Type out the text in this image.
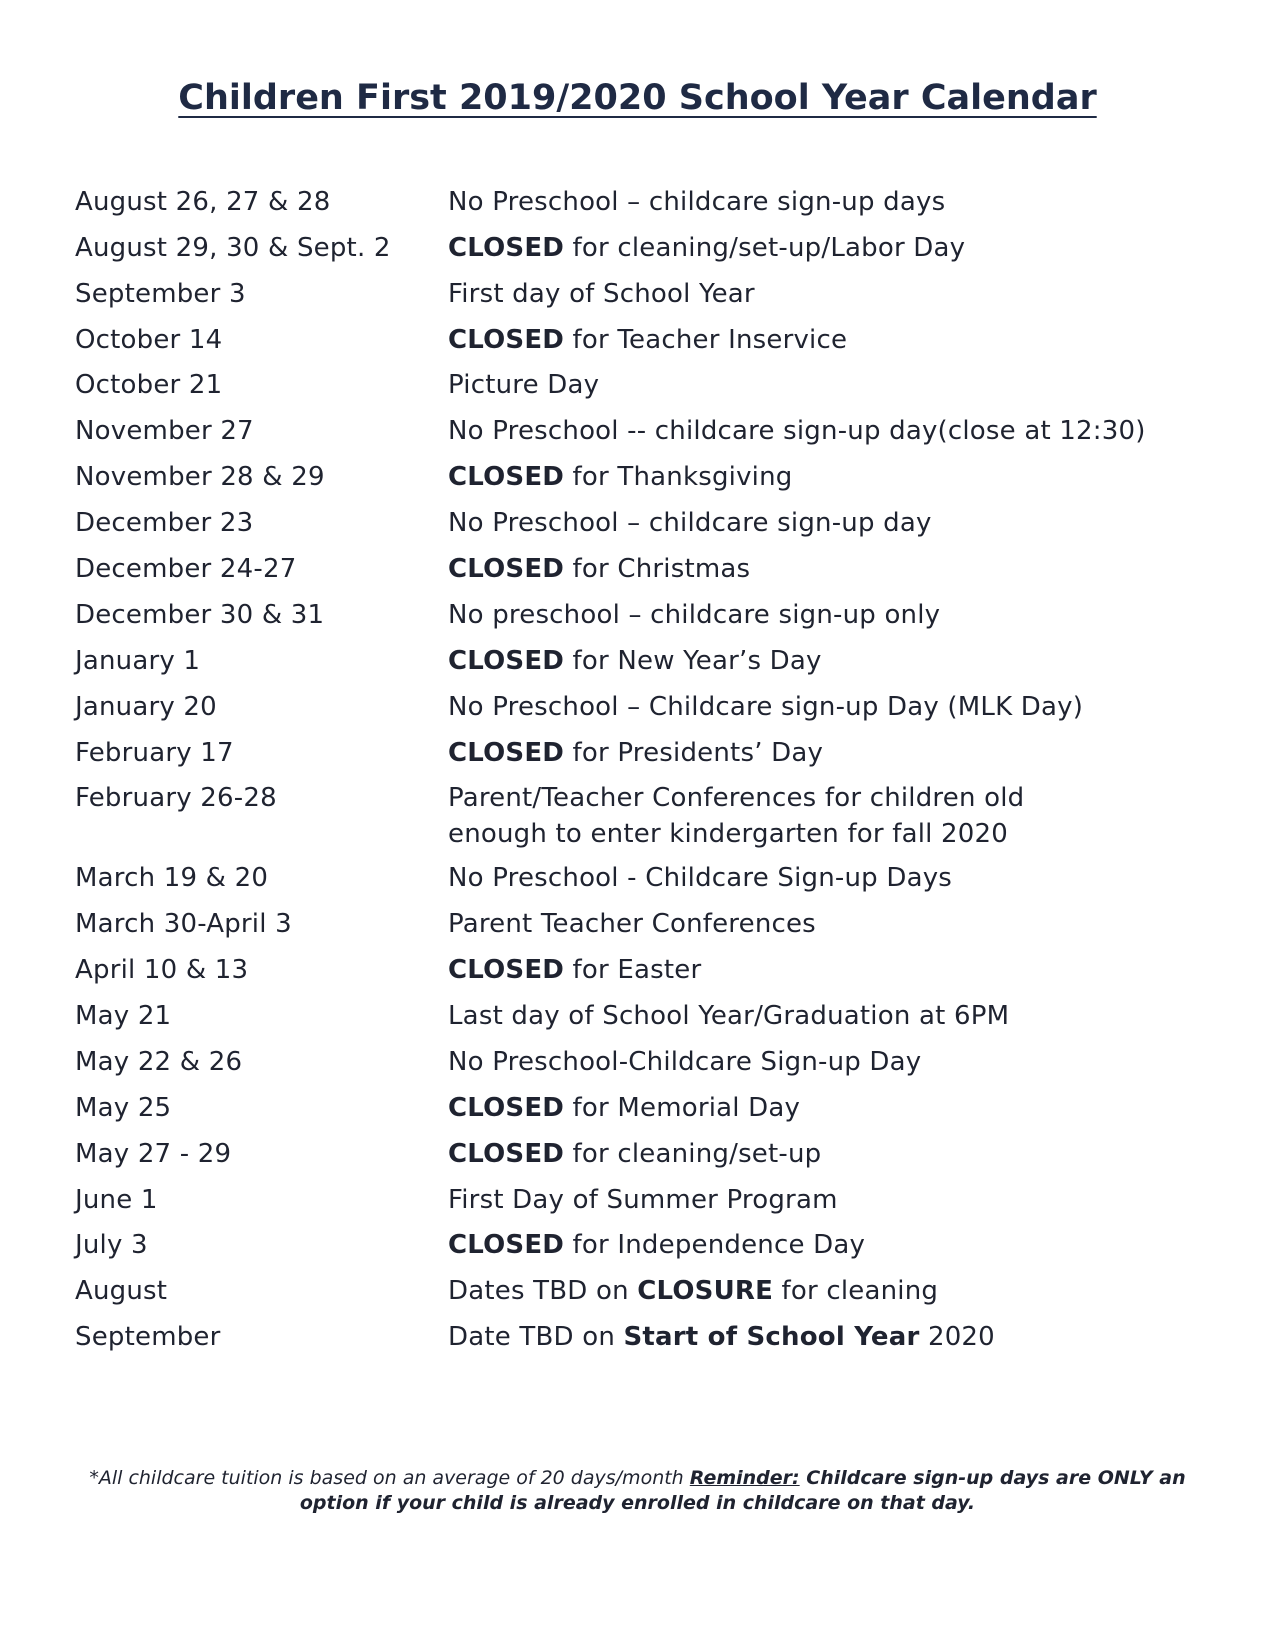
Children First 2019/2020 School Year Calendar
August 26, 27 & 28	No Preschool – childcare sign-up days
August 29, 30 & Sept. 2 CLOSED for cleaning/set-up/Labor Day
September 3	First day of School Year
October 14	CLOSED for Teacher Inservice
October 21	Picture Day
November 27	No Preschool -- childcare sign-up day(close at 12:30)
November 28 & 29	CLOSED for Thanksgiving
December 23	No Preschool – childcare sign-up day
December 24-27	CLOSED for Christmas
December 30 & 31	No preschool – childcare sign-up only
January 1	CLOSED for New Year’s Day
January 20	No Preschool – Childcare sign-up Day (MLK Day)
February 17	CLOSED for Presidents’ Day
February 26-28	Parent/Teacher Conferences for children old enough to enter kindergarten for fall 2020
March 19 & 20	No Preschool - Childcare Sign-up Days
March 30-April 3	Parent Teacher Conferences
April 10 & 13	CLOSED for Easter
May 21	Last day of School Year/Graduation at 6PM
May 22 & 26	No Preschool-Childcare Sign-up Day
May 25	CLOSED for Memorial Day
May 27 - 29	CLOSED for cleaning/set-up
June 1	First Day of Summer Program
July 3	CLOSED for Independence Day
August	Dates TBD on CLOSURE for cleaning
September	Date TBD on Start of School Year 2020
*All childcare tuition is based on an average of 20 days/month Reminder: Childcare sign-up days are ONLY an option if your child is already enrolled in childcare on that day.
